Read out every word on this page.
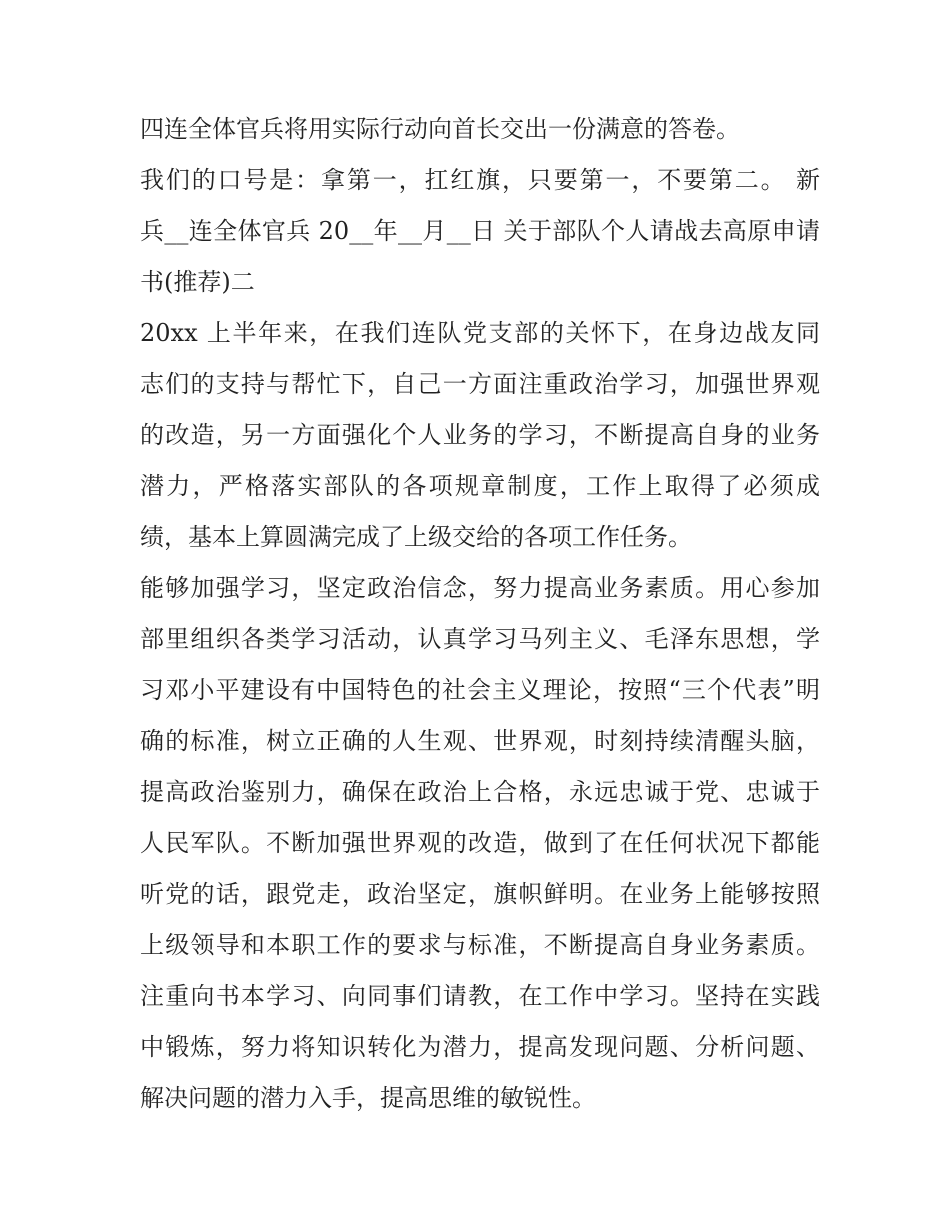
四连全体官兵将用实际行动向首长交出一份满意的答卷。
我们的口号是：拿第一，扛红旗，只要第一，不要第二。 新
兵__连全体官兵 20__年__月__日 关于部队个人请战去高原申请
书(推荐)二
20xx 上半年来，在我们连队党支部的关怀下，在身边战友同
志们的支持与帮忙下，自己一方面注重政治学习，加强世界观
的改造，另一方面强化个人业务的学习，不断提高自身的业务
潜力，严格落实部队的各项规章制度，工作上取得了必须成
绩，基本上算圆满完成了上级交给的各项工作任务。
能够加强学习，坚定政治信念，努力提高业务素质。用心参加
部里组织各类学习活动，认真学习马列主义、毛泽东思想，学
习邓小平建设有中国特色的社会主义理论，按照“三个代表”明
确的标准，树立正确的人生观、世界观，时刻持续清醒头脑，
提高政治鉴别力，确保在政治上合格，永远忠诚于党、忠诚于
人民军队。不断加强世界观的改造，做到了在任何状况下都能
听党的话，跟党走，政治坚定，旗帜鲜明。在业务上能够按照
上级领导和本职工作的要求与标准，不断提高自身业务素质。
注重向书本学习、向同事们请教，在工作中学习。坚持在实践
中锻炼，努力将知识转化为潜力，提高发现问题、分析问题、
解决问题的潜力入手，提高思维的敏锐性。
